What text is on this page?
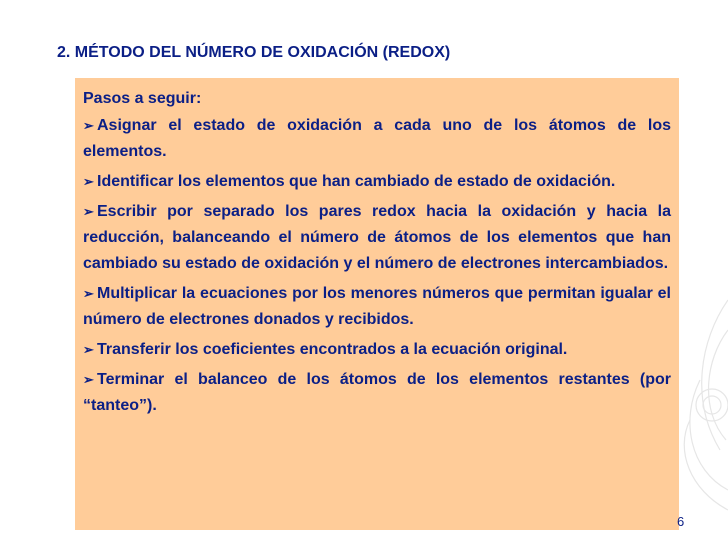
2. MÉTODO DEL NÚMERO DE OXIDACIÓN (REDOX)
Pasos a seguir:
➢ Asignar el estado de oxidación a cada uno de los átomos de los elementos.
➢ Identificar los elementos que han cambiado de estado de oxidación.
➢ Escribir por separado los pares redox hacia la oxidación y hacia la reducción, balanceando el número de átomos de los elementos que han cambiado su estado de oxidación y el número de electrones intercambiados.
➢ Multiplicar la ecuaciones por los menores números que permitan igualar el número de electrones donados y recibidos.
➢ Transferir los coeficientes encontrados a la ecuación original.
➢ Terminar el balanceo de los átomos de los elementos restantes (por “tanteo”).
6
